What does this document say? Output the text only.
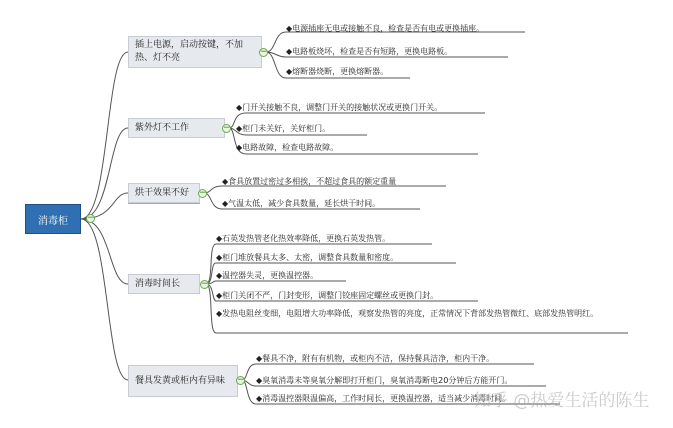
消毒柜	−
插上电源，启动按键，不加热、灯不亮
−
◆电源插座无电或接触不良，检查是否有电或更换插座。
◆电路板烧坏，检查是否有短路，更换电路板。
◆熔断器烧断，更换熔断器。
紫外灯不工作	−
◆门开关接触不良，调整门开关的接触状况或更换门开关。
◆柜门未关好，关好柜门。
◆电路故障，检查电路故障。
烘干效果不好 −
◆食具放置过密过多相挨，不超过食具的额定重量
◆气温太低，减少食具数量，延长烘干时间。
消毒时间长 −
◆石英发热管老化热效率降低，更换石英发热管。
◆柜门堆放餐具太多、太密，调整食具数量和密度。
◆温控器失灵，更换温控器。
◆柜门关闭不严，门封变形，调整门铰座固定螺丝或更换门封。
◆发热电阻丝变细，电阻增大功率降低，观察发热管的亮度，正常情况下背部发热管微红、底部发热管明红。
餐具发黄或柜内有异味 −
◆餐具不净，附有有机物，或柜内不洁，保持餐具洁净，柜内干净。
◆臭氧消毒未等臭氧分解即打开柜门，臭氧消毒断电20分钟后方能开门。
◆消毒温控器限温偏高，工作时间长，更换温控器，适当减少消毒时间。
知乎 @热爱生活的陈生
